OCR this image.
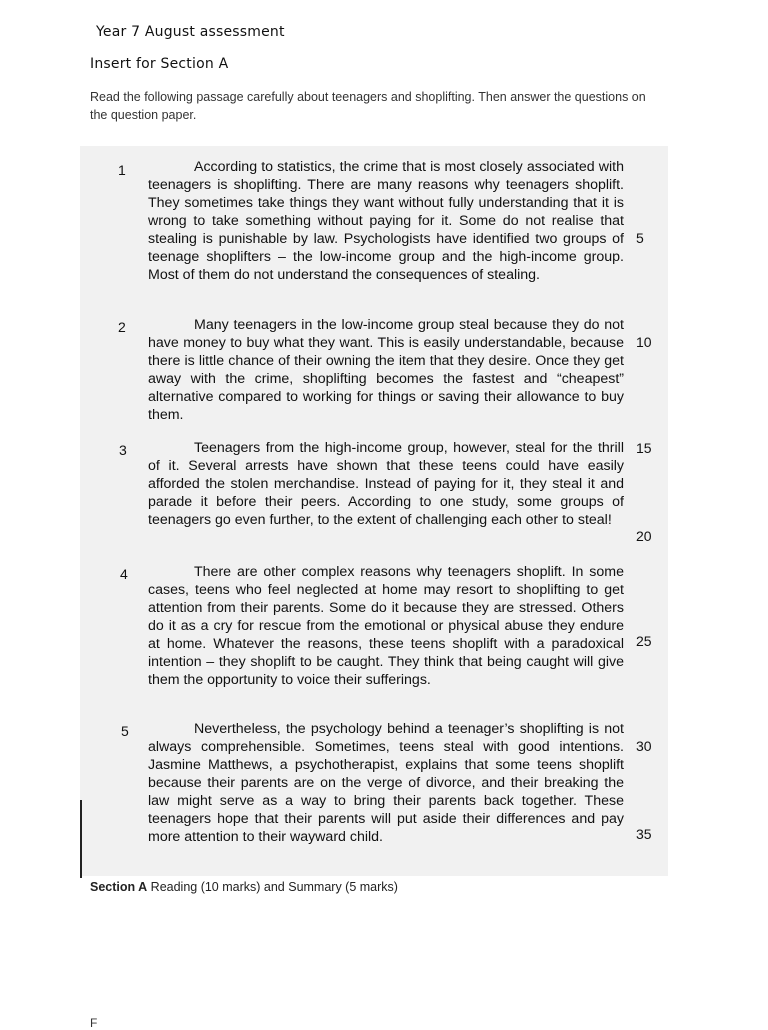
Year 7 August assessment
Insert for Section A
Read the following passage carefully about teenagers and shoplifting. Then answer the questions on the question paper.
1	According to statistics, the crime that is most closely associated with teenagers is shoplifting. There are many reasons why teenagers shoplift. They sometimes take things they want without fully understanding that it is wrong to take something without paying for it. Some do not realise that stealing is punishable by law. Psychologists have identified two groups of teenage shoplifters – the low-income group and the high-income group. Most of them do not understand the consequences of stealing.
2	Many teenagers in the low-income group steal because they do not have money to buy what they want. This is easily understandable, because there is little chance of their owning the item that they desire. Once they get away with the crime, shoplifting becomes the fastest and “cheapest” alternative compared to working for things or saving their allowance to buy them.
3	Teenagers from the high-income group, however, steal for the thrill of it. Several arrests have shown that these teens could have easily afforded the stolen merchandise. Instead of paying for it, they steal it and parade it before their peers. According to one study, some groups of teenagers go even further, to the extent of challenging each other to steal!
4	There are other complex reasons why teenagers shoplift. In some cases, teens who feel neglected at home may resort to shoplifting to get attention from their parents. Some do it because they are stressed. Others do it as a cry for rescue from the emotional or physical abuse they endure at home. Whatever the reasons, these teens shoplift with a paradoxical intention – they shoplift to be caught. They think that being caught will give them the opportunity to voice their sufferings.
5	Nevertheless, the psychology behind a teenager’s shoplifting is not always comprehensible. Sometimes, teens steal with good intentions. Jasmine Matthews, a psychotherapist, explains that some teens shoplift because their parents are on the verge of divorce, and their breaking the law might serve as a way to bring their parents back together. These teenagers hope that their parents will put aside their differences and pay more attention to their wayward child.
5
10
15
20
25
30
35
Section A Reading (10 marks) and Summary (5 marks)
F
